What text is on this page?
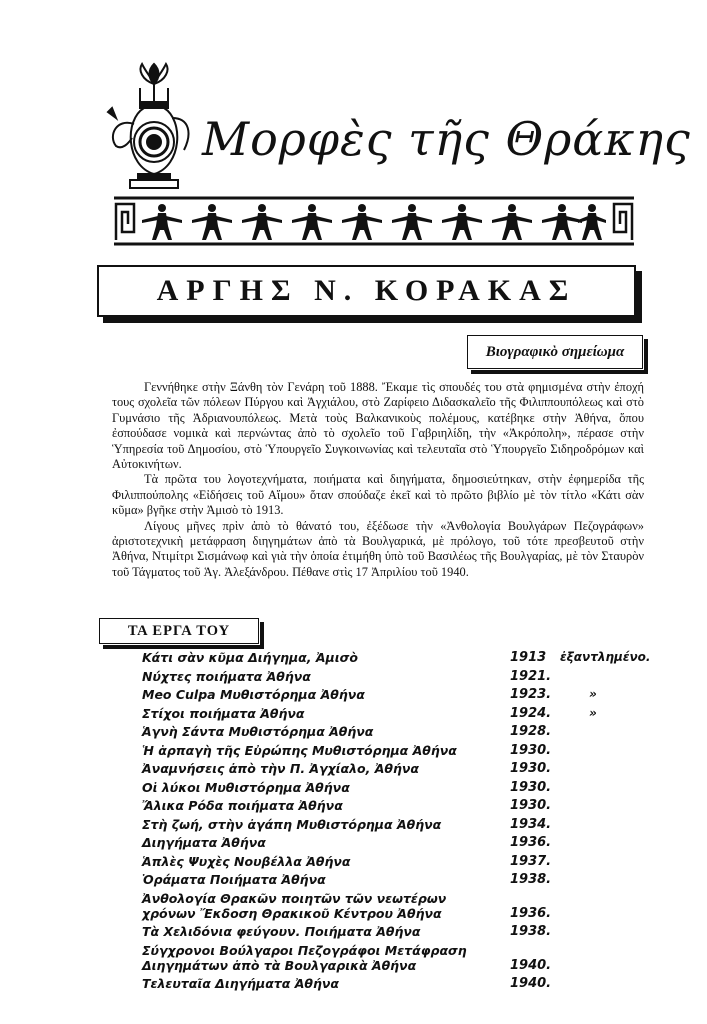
Μορφὲς τῆς Θράκης
ΑΡΓΗΣ Ν. ΚΟΡΑΚΑΣ
Βιογραφικὸ σημείωμα

Γεννήθηκε στὴν Ξάνθη τὸν Γενάρη τοῦ 1888. Ἔκαμε τὶς σπουδές του στὰ φημισμένα στὴν ἐποχή τους σχολεῖα τῶν πόλεων Πύργου καὶ Ἀγχιάλου, στὸ Ζαρίφειο Διδασκαλεῖο τῆς Φιλιππουπόλεως καὶ στὸ Γυμνάσιο τῆς Ἀδριανουπόλεως. Μετὰ τοὺς Βαλκανικοὺς πολέμους, κατέβηκε στὴν Ἀθήνα, ὅπου ἐσπούδασε νομικὰ καὶ περνώντας ἀπὸ τὸ σχολεῖο τοῦ Γαβριηλίδη, τὴν «Ἀκρόπολη», πέρασε στὴν Ὑπηρεσία τοῦ Δημοσίου, στὸ Ὑπουργεῖο Συγκοινωνίας καὶ τελευταῖα στὸ Ὑπουργεῖο Σιδηροδρόμων καὶ Αὐτοκινήτων.

Τὰ πρῶτα του λογοτεχνήματα, ποιήματα καὶ διηγήματα, δημοσιεύτηκαν, στὴν ἐφημερίδα τῆς Φιλιππούπολης «Εἰδήσεις τοῦ Αἵμου» ὅταν σπούδαζε ἐκεῖ καὶ τὸ πρῶτο βιβλίο μὲ τὸν τίτλο «Κάτι σὰν κῦμα» βγῆκε στὴν Ἀμισὸ τὸ 1913.

Λίγους μῆνες πρὶν ἀπὸ τὸ θάνατό του, ἐξέδωσε τὴν «Ἀνθολογία Βουλγάρων Πεζογράφων» ἀριστοτεχνικὴ μετάφραση διηγημάτων ἀπὸ τὰ Βουλγαρικά, μὲ πρόλογο, τοῦ τότε πρεσβευτοῦ στὴν Ἀθήνα, Ντιμίτρι Σισμάνωφ καὶ γιὰ τὴν ὁποία ἐτιμήθη ὑπὸ τοῦ Βασιλέως τῆς Βουλγαρίας, μὲ τὸν Σταυρὸν τοῦ Τάγματος τοῦ Ἁγ. Ἀλεξάνδρου. Πέθανε στὶς 17 Ἀπριλίου τοῦ 1940.

ΤΑ ΕΡΓΑ ΤΟΥ
Κάτι σὰν κῦμα Διήγημα, Ἀμισὸ	1913 ἐξαντλημένο.
Νύχτες ποιήματα Ἀθήνα	1921.
Meo Culpa Μυθιστόρημα Ἀθήνα	1923.	»
Στίχοι ποιήματα Ἀθήνα	1924.	»
Ἁγνὴ Σάντα Μυθιστόρημα Ἀθήνα	1928.
Ἡ ἁρπαγὴ τῆς Εὐρώπης Μυθιστόρημα Ἀθήνα	1930.
Ἀναμνήσεις ἀπὸ τὴν Π. Ἀγχίαλο, Ἀθήνα	1930.
Οἱ λύκοι Μυθιστόρημα Ἀθήνα	1930.
Ἄλικα Ρόδα ποιήματα Ἀθήνα	1930.
Στὴ ζωή, στὴν ἀγάπη Μυθιστόρημα Ἀθήνα	1934.
Διηγήματα Ἀθήνα	1936.
Ἁπλὲς Ψυχὲς Νουβέλλα Ἀθήνα	1937.
Ὁράματα Ποιήματα Ἀθήνα	1938.
Ἀνθολογία Θρακῶν ποιητῶν τῶν νεωτέρων χρόνων Ἔκδοση Θρακικοῦ Κέντρου Ἀθήνα	1936.
Τὰ Χελιδόνια φεύγουν. Ποιήματα Ἀθήνα	1938.
Σύγχρονοι Βούλγαροι Πεζογράφοι Μετάφραση Διηγημάτων ἀπὸ τὰ Βουλγαρικὰ Ἀθήνα	1940.
Τελευταῖα Διηγήματα Ἀθήνα	1940.
